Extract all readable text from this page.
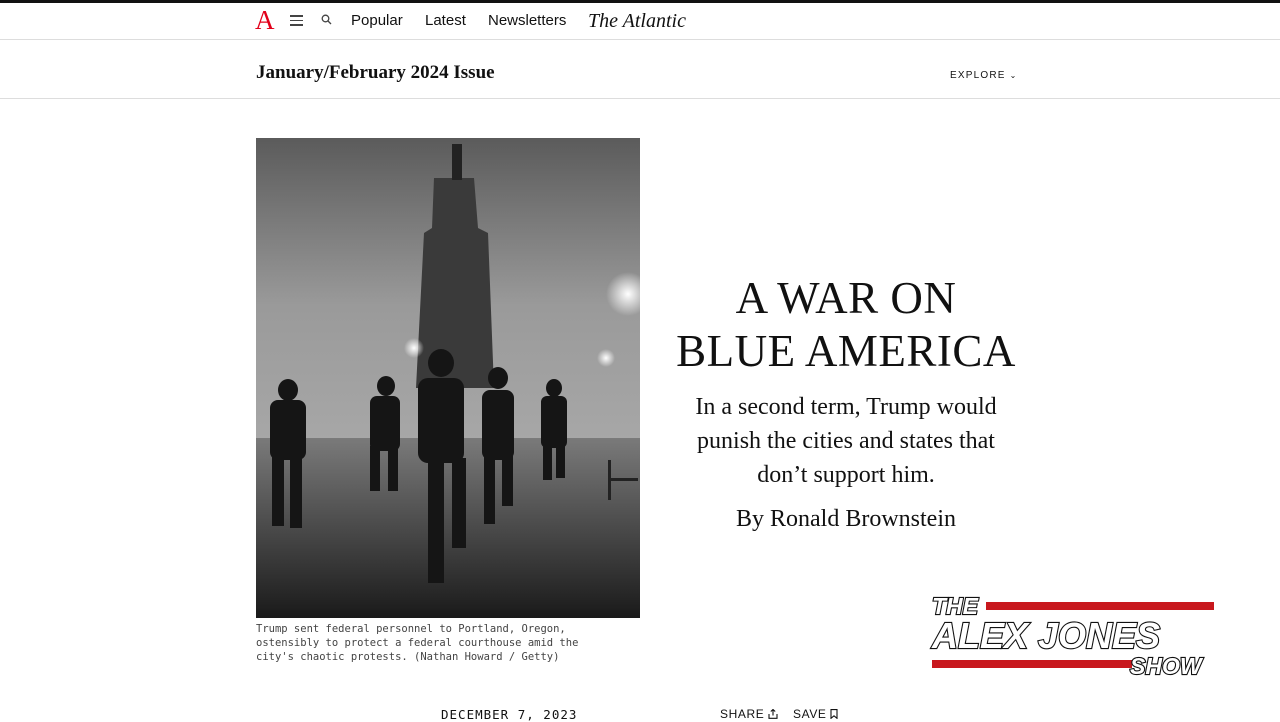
A	Popular Latest Newsletters The Atlantic
January/February 2024 Issue	EXPLORE ⌄
Trump sent federal personnel to Portland, Oregon,
ostensibly to protect a federal courthouse amid the
city's chaotic protests. (Nathan Howard / Getty)
A WAR ON
BLUE AMERICA
In a second term, Trump would
punish the cities and states that
don’t support him.
By Ronald Brownstein
DECEMBER 7, 2023	SHARE	SAVE
THE
ALEX JONES
SHOW
